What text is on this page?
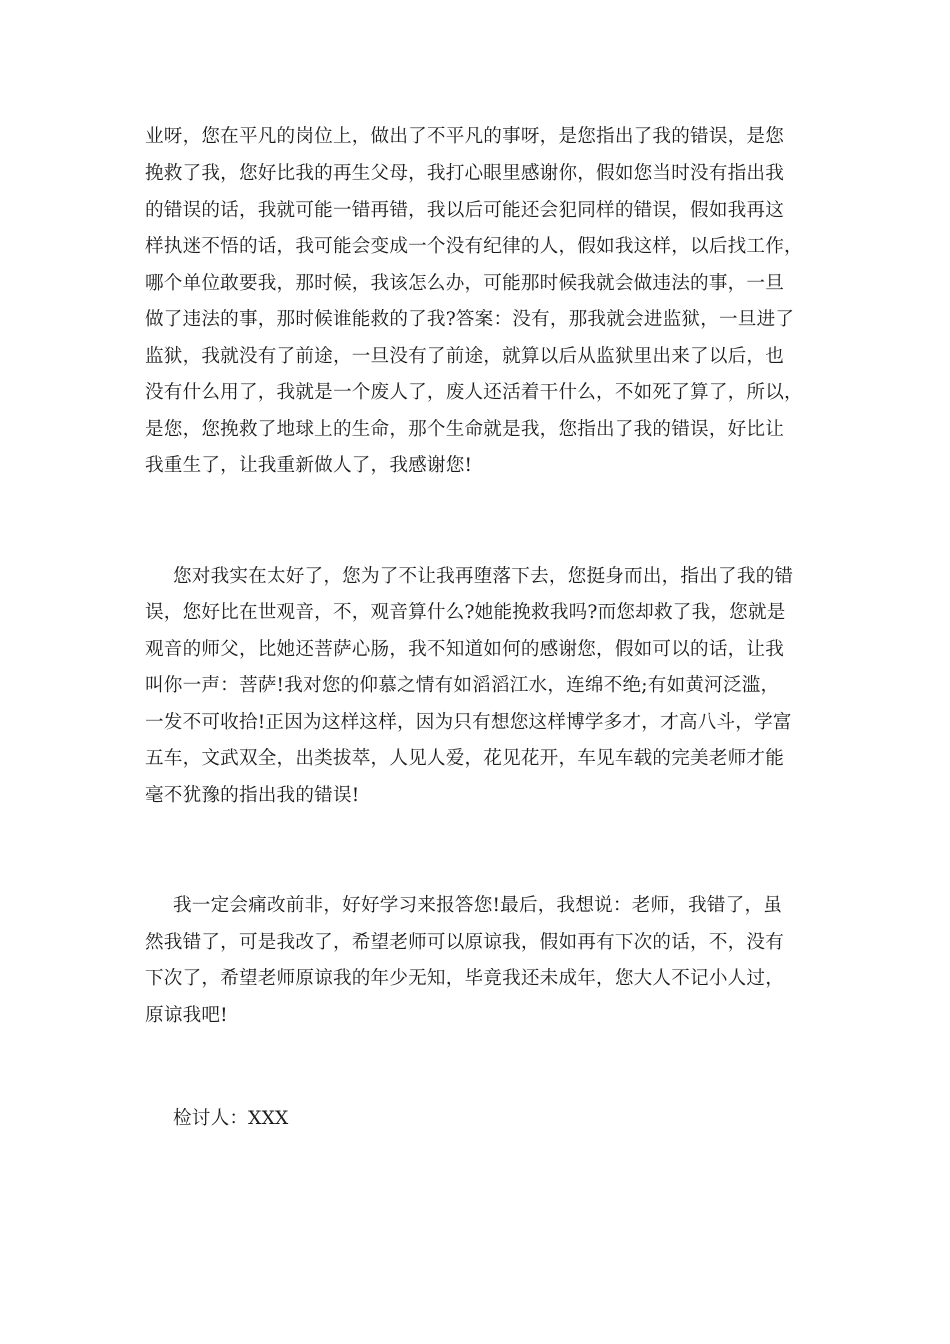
业呀，您在平凡的岗位上，做出了不平凡的事呀，是您指出了我的错误，是您
挽救了我，您好比我的再生父母，我打心眼里感谢你，假如您当时没有指出我
的错误的话，我就可能一错再错，我以后可能还会犯同样的错误，假如我再这
样执迷不悟的话，我可能会变成一个没有纪律的人，假如我这样，以后找工作，
哪个单位敢要我，那时候，我该怎么办，可能那时候我就会做违法的事，一旦
做了违法的事，那时候谁能救的了我?答案：没有，那我就会进监狱，一旦进了
监狱，我就没有了前途，一旦没有了前途，就算以后从监狱里出来了以后，也
没有什么用了，我就是一个废人了，废人还活着干什么，不如死了算了，所以，
是您，您挽救了地球上的生命，那个生命就是我，您指出了我的错误，好比让
我重生了，让我重新做人了，我感谢您!
您对我实在太好了，您为了不让我再堕落下去，您挺身而出，指出了我的错
误，您好比在世观音，不，观音算什么?她能挽救我吗?而您却救了我，您就是
观音的师父，比她还菩萨心肠，我不知道如何的感谢您，假如可以的话，让我
叫你一声：菩萨!我对您的仰慕之情有如滔滔江水，连绵不绝;有如黄河泛滥，
一发不可收拾!正因为这样这样，因为只有想您这样博学多才，才高八斗，学富
五车，文武双全，出类拔萃，人见人爱，花见花开，车见车载的完美老师才能
毫不犹豫的指出我的错误!
我一定会痛改前非，好好学习来报答您!最后，我想说：老师，我错了，虽
然我错了，可是我改了，希望老师可以原谅我，假如再有下次的话，不，没有
下次了，希望老师原谅我的年少无知，毕竟我还未成年，您大人不记小人过，
原谅我吧!
检讨人：XXX
